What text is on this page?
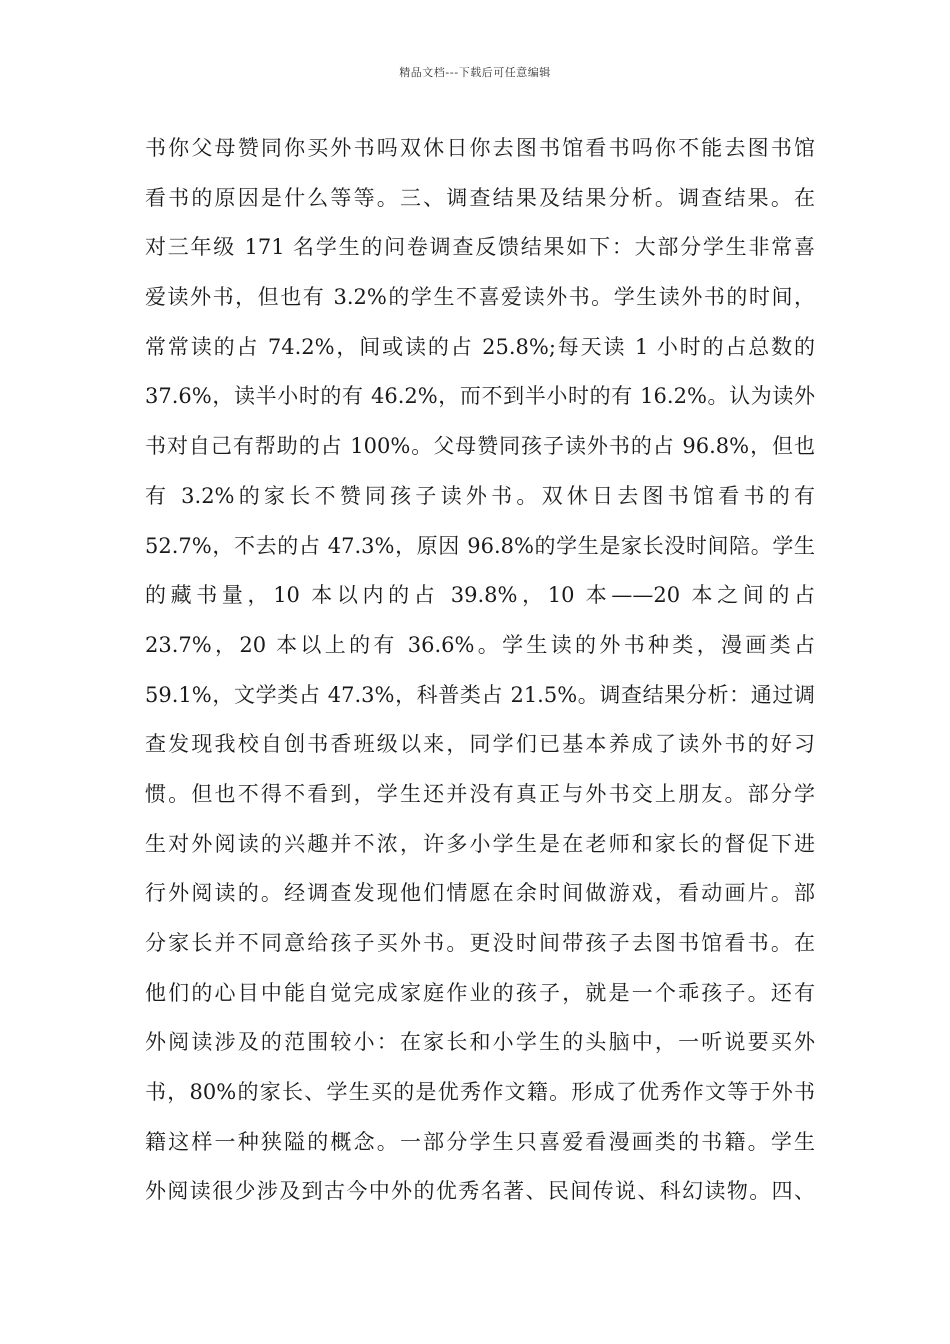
精品文档---下载后可任意编辑
书你父母赞同你买外书吗双休日你去图书馆看书吗你不能去图书馆
看书的原因是什么等等。三、调查结果及结果分析。调查结果。在
对三年级 171 名学生的问卷调查反馈结果如下：大部分学生非常喜
爱读外书，但也有 3.2%的学生不喜爱读外书。学生读外书的时间，
常常读的占 74.2%，间或读的占 25.8%;每天读 1 小时的占总数的
37.6%，读半小时的有 46.2%，而不到半小时的有 16.2%。认为读外
书对自己有帮助的占 100%。父母赞同孩子读外书的占 96.8%，但也
有 3.2%的家长不赞同孩子读外书。双休日去图书馆看书的有
52.7%，不去的占 47.3%，原因 96.8%的学生是家长没时间陪。学生
的藏书量，10 本以内的占 39.8%，10 本——20 本之间的占
23.7%，20 本以上的有 36.6%。学生读的外书种类，漫画类占
59.1%，文学类占 47.3%，科普类占 21.5%。调查结果分析：通过调
查发现我校自创书香班级以来，同学们已基本养成了读外书的好习
惯。但也不得不看到，学生还并没有真正与外书交上朋友。部分学
生对外阅读的兴趣并不浓，许多小学生是在老师和家长的督促下进
行外阅读的。经调查发现他们情愿在余时间做游戏，看动画片。部
分家长并不同意给孩子买外书。更没时间带孩子去图书馆看书。在
他们的心目中能自觉完成家庭作业的孩子，就是一个乖孩子。还有
外阅读涉及的范围较小：在家长和小学生的头脑中，一听说要买外
书，80%的家长、学生买的是优秀作文籍。形成了优秀作文等于外书
籍这样一种狭隘的概念。一部分学生只喜爱看漫画类的书籍。学生
外阅读很少涉及到古今中外的优秀名著、民间传说、科幻读物。四、
